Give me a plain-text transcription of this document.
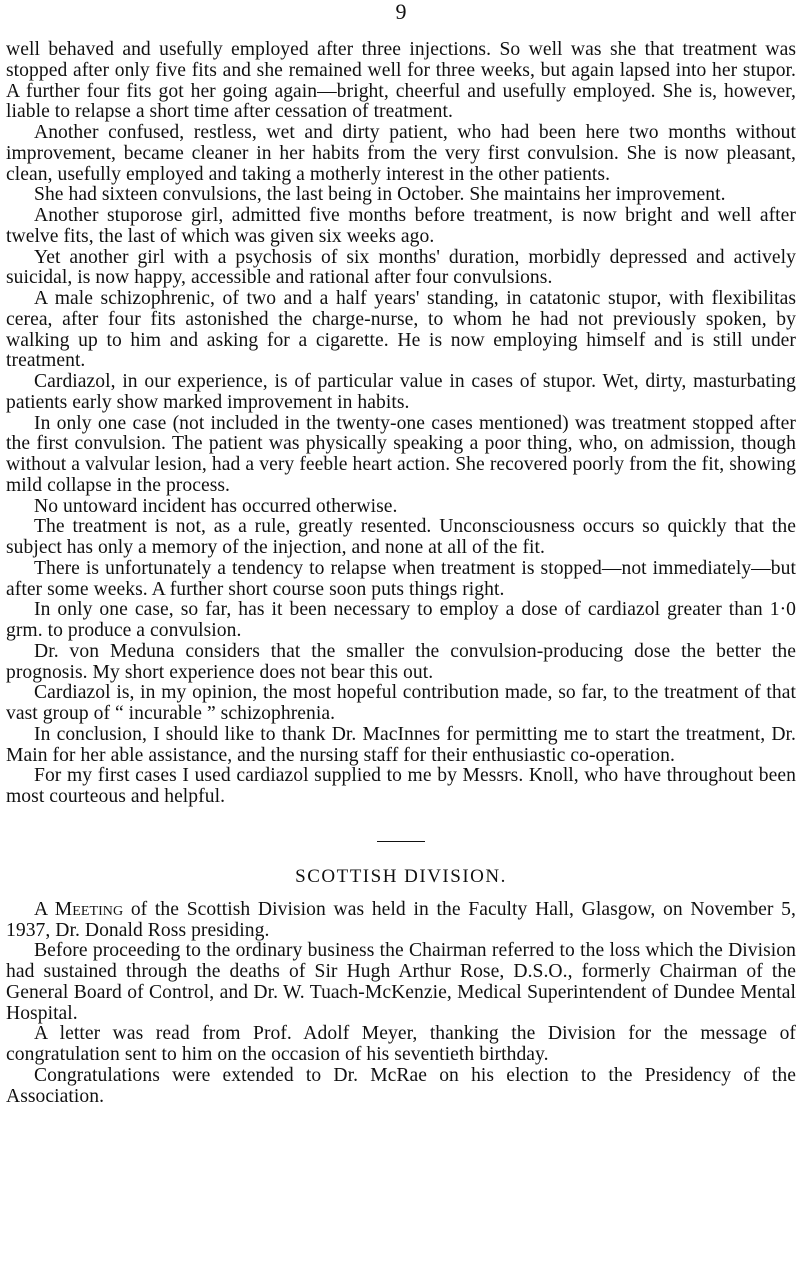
9

well behaved and usefully employed after three injections. So well was she that treatment was stopped after only five fits and she remained well for three weeks, but again lapsed into her stupor. A further four fits got her going again—bright, cheerful and usefully employed. She is, however, liable to relapse a short time after cessation of treatment.

Another confused, restless, wet and dirty patient, who had been here two months without improvement, became cleaner in her habits from the very first convulsion. She is now pleasant, clean, usefully employed and taking a motherly interest in the other patients.

She had sixteen convulsions, the last being in October. She maintains her improvement.

Another stuporose girl, admitted five months before treatment, is now bright and well after twelve fits, the last of which was given six weeks ago.

Yet another girl with a psychosis of six months' duration, morbidly depressed and actively suicidal, is now happy, accessible and rational after four convulsions.

A male schizophrenic, of two and a half years' standing, in catatonic stupor, with flexibilitas cerea, after four fits astonished the charge-nurse, to whom he had not previously spoken, by walking up to him and asking for a cigarette. He is now employing himself and is still under treatment.

Cardiazol, in our experience, is of particular value in cases of stupor. Wet, dirty, masturbating patients early show marked improvement in habits.

In only one case (not included in the twenty-one cases mentioned) was treatment stopped after the first convulsion. The patient was physically speaking a poor thing, who, on admission, though without a valvular lesion, had a very feeble heart action. She recovered poorly from the fit, showing mild collapse in the process.

No untoward incident has occurred otherwise.

The treatment is not, as a rule, greatly resented. Unconsciousness occurs so quickly that the subject has only a memory of the injection, and none at all of the fit.

There is unfortunately a tendency to relapse when treatment is stopped—not immediately—but after some weeks. A further short course soon puts things right.

In only one case, so far, has it been necessary to employ a dose of cardiazol greater than 1·0 grm. to produce a convulsion.

Dr. von Meduna considers that the smaller the convulsion-producing dose the better the prognosis. My short experience does not bear this out.

Cardiazol is, in my opinion, the most hopeful contribution made, so far, to the treatment of that vast group of “ incurable ” schizophrenia.

In conclusion, I should like to thank Dr. MacInnes for permitting me to start the treatment, Dr. Main for her able assistance, and the nursing staff for their enthusiastic co-operation.

For my first cases I used cardiazol supplied to me by Messrs. Knoll, who have throughout been most courteous and helpful.

SCOTTISH DIVISION.

A Meeting of the Scottish Division was held in the Faculty Hall, Glasgow, on November 5, 1937, Dr. Donald Ross presiding.

Before proceeding to the ordinary business the Chairman referred to the loss which the Division had sustained through the deaths of Sir Hugh Arthur Rose, D.S.O., formerly Chairman of the General Board of Control, and Dr. W. Tuach-McKenzie, Medical Superintendent of Dundee Mental Hospital.

A letter was read from Prof. Adolf Meyer, thanking the Division for the message of congratulation sent to him on the occasion of his seventieth birthday.

Congratulations were extended to Dr. McRae on his election to the Presidency of the Association.
